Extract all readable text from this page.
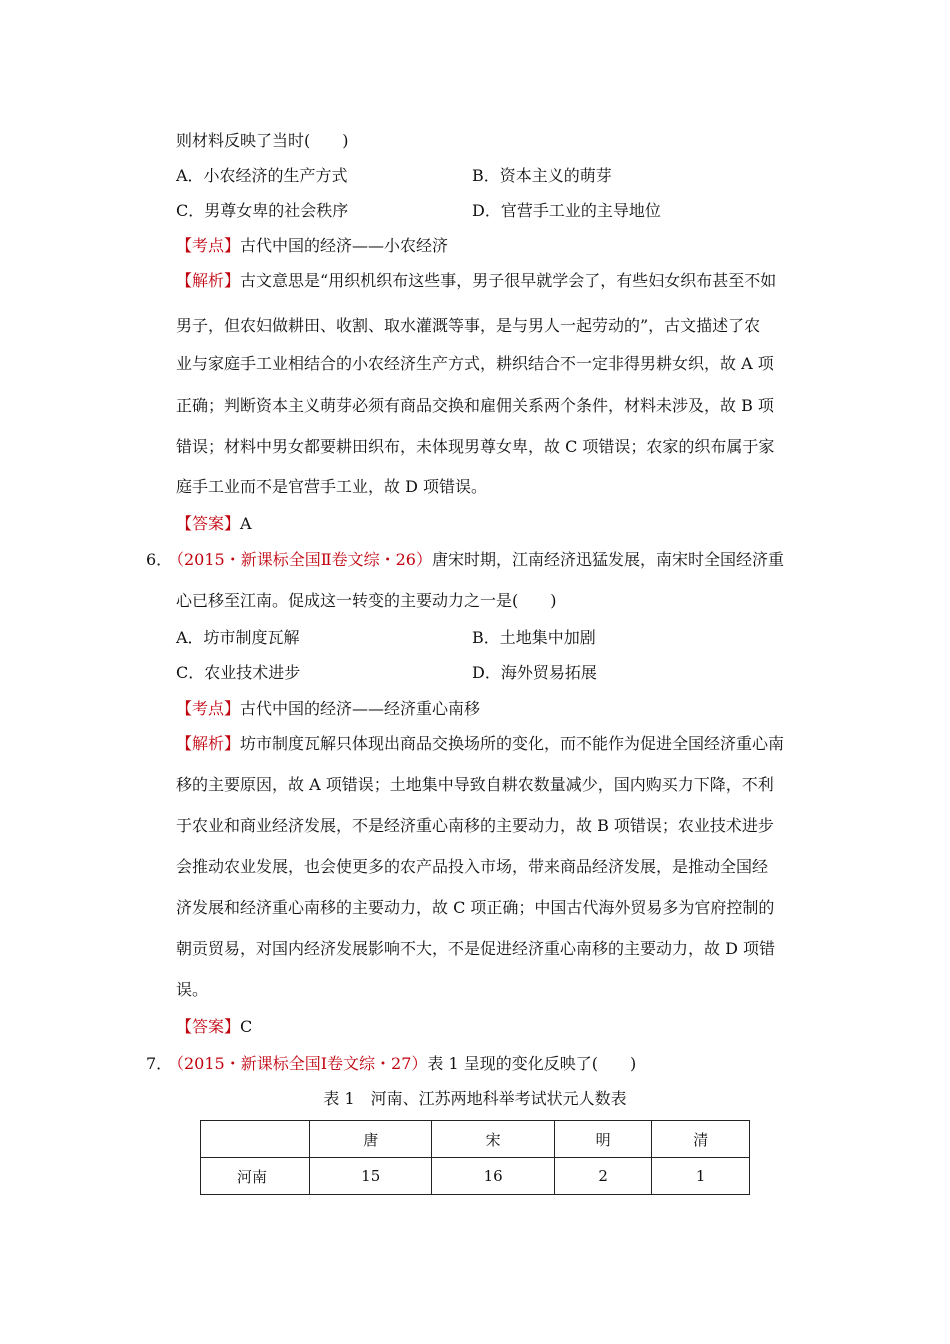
则材料反映了当时(　　)
A．小农经济的生产方式	B．资本主义的萌芽
C．男尊女卑的社会秩序	D．官营手工业的主导地位
【考点】古代中国的经济——小农经济
【解析】古文意思是“用织机织布这些事，男子很早就学会了，有些妇女织布甚至不如
男子，但农妇做耕田、收割、取水灌溉等事，是与男人一起劳动的”，古文描述了农
业与家庭手工业相结合的小农经济生产方式，耕织结合不一定非得男耕女织，故 A 项
正确；判断资本主义萌芽必须有商品交换和雇佣关系两个条件，材料未涉及，故 B 项
错误；材料中男女都要耕田织布，未体现男尊女卑，故 C 项错误；农家的织布属于家
庭手工业而不是官营手工业，故 D 项错误。
【答案】A
6．
（2015・新课标全国Ⅱ卷文综・26）唐宋时期，江南经济迅猛发展，南宋时全国经济重
心已移至江南。促成这一转变的主要动力之一是(　　)
A．坊市制度瓦解	B．土地集中加剧
C．农业技术进步	D．海外贸易拓展
【考点】古代中国的经济——经济重心南移
【解析】坊市制度瓦解只体现出商品交换场所的变化，而不能作为促进全国经济重心南
移的主要原因，故 A 项错误；土地集中导致自耕农数量减少，国内购买力下降，不利
于农业和商业经济发展，不是经济重心南移的主要动力，故 B 项错误；农业技术进步
会推动农业发展，也会使更多的农产品投入市场，带来商品经济发展，是推动全国经
济发展和经济重心南移的主要动力，故 C 项正确；中国古代海外贸易多为官府控制的
朝贡贸易，对国内经济发展影响不大，不是促进经济重心南移的主要动力，故 D 项错
误。
【答案】C
7．
（2015・新课标全国Ⅰ卷文综・27）表 1 呈现的变化反映了(　　)
表 1　河南、江苏两地科举考试状元人数表
	唐	宋	明	清
河南	15	16	2	1
